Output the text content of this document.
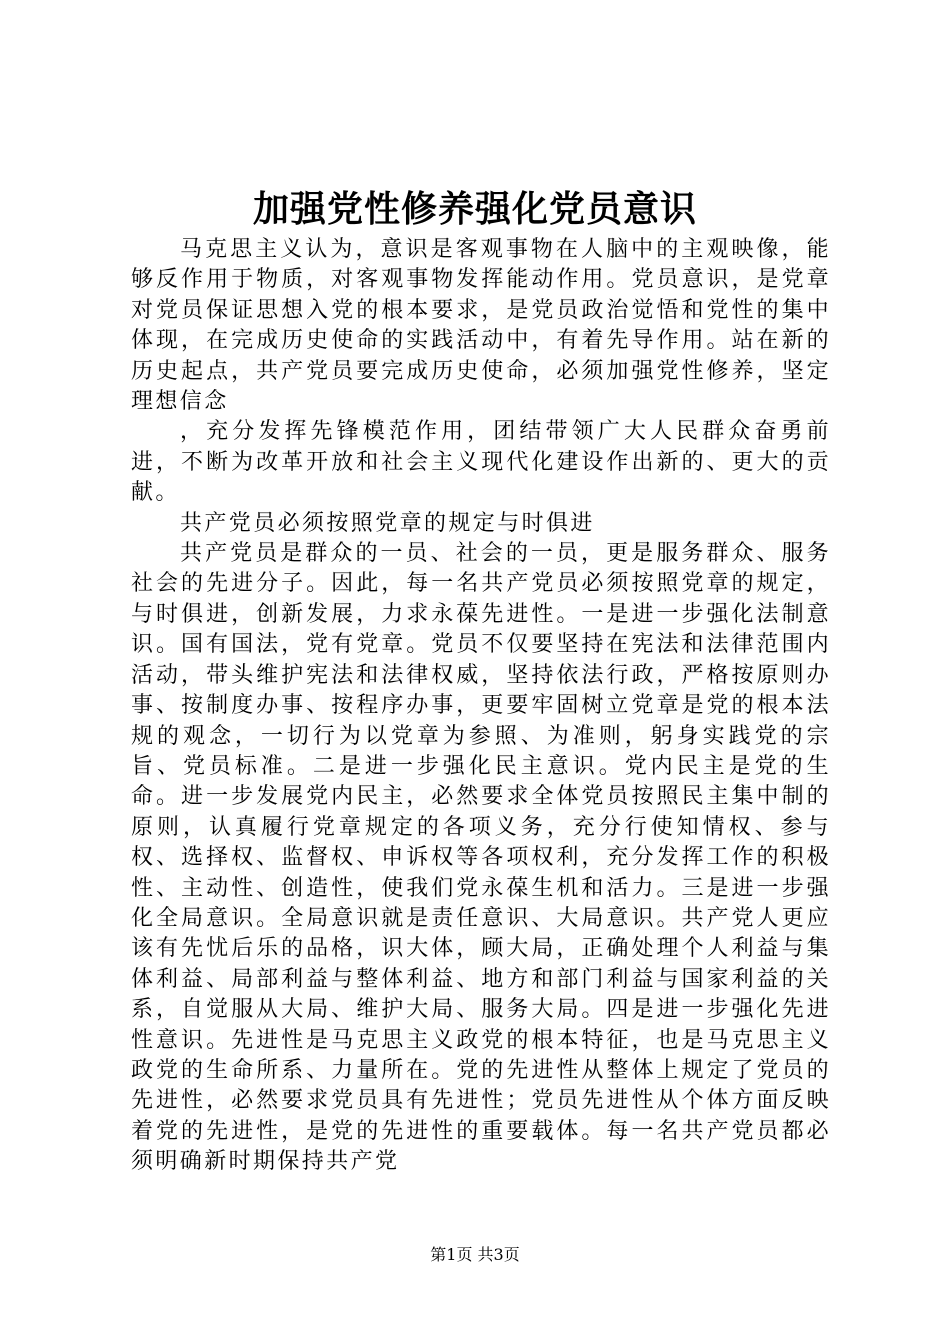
加强党性修养强化党员意识

马克思主义认为，意识是客观事物在人脑中的主观映像，能够反作用于物质，对客观事物发挥能动作用。党员意识，是党章对党员保证思想入党的根本要求，是党员政治觉悟和党性的集中体现，在完成历史使命的实践活动中，有着先导作用。站在新的历史起点，共产党员要完成历史使命，必须加强党性修养，坚定理想信念

，充分发挥先锋模范作用，团结带领广大人民群众奋勇前进，不断为改革开放和社会主义现代化建设作出新的、更大的贡献。

共产党员必须按照党章的规定与时俱进

共产党员是群众的一员、社会的一员，更是服务群众、服务社会的先进分子。因此，每一名共产党员必须按照党章的规定，与时俱进，创新发展，力求永葆先进性。一是进一步强化法制意识。国有国法，党有党章。党员不仅要坚持在宪法和法律范围内活动，带头维护宪法和法律权威，坚持依法行政，严格按原则办事、按制度办事、按程序办事，更要牢固树立党章是党的根本法规的观念，一切行为以党章为参照、为准则，躬身实践党的宗旨、党员标准。二是进一步强化民主意识。党内民主是党的生命。进一步发展党内民主，必然要求全体党员按照民主集中制的原则，认真履行党章规定的各项义务，充分行使知情权、参与权、选择权、监督权、申诉权等各项权利，充分发挥工作的积极性、主动性、创造性，使我们党永葆生机和活力。三是进一步强化全局意识。全局意识就是责任意识、大局意识。共产党人更应该有先忧后乐的品格，识大体，顾大局，正确处理个人利益与集体利益、局部利益与整体利益、地方和部门利益与国家利益的关系，自觉服从大局、维护大局、服务大局。四是进一步强化先进性意识。先进性是马克思主义政党的根本特征，也是马克思主义政党的生命所系、力量所在。党的先进性从整体上规定了党员的先进性，必然要求党员具有先进性；党员先进性从个体方面反映着党的先进性，是党的先进性的重要载体。每一名共产党员都必须明确新时期保持共产党

第1页 共3页
